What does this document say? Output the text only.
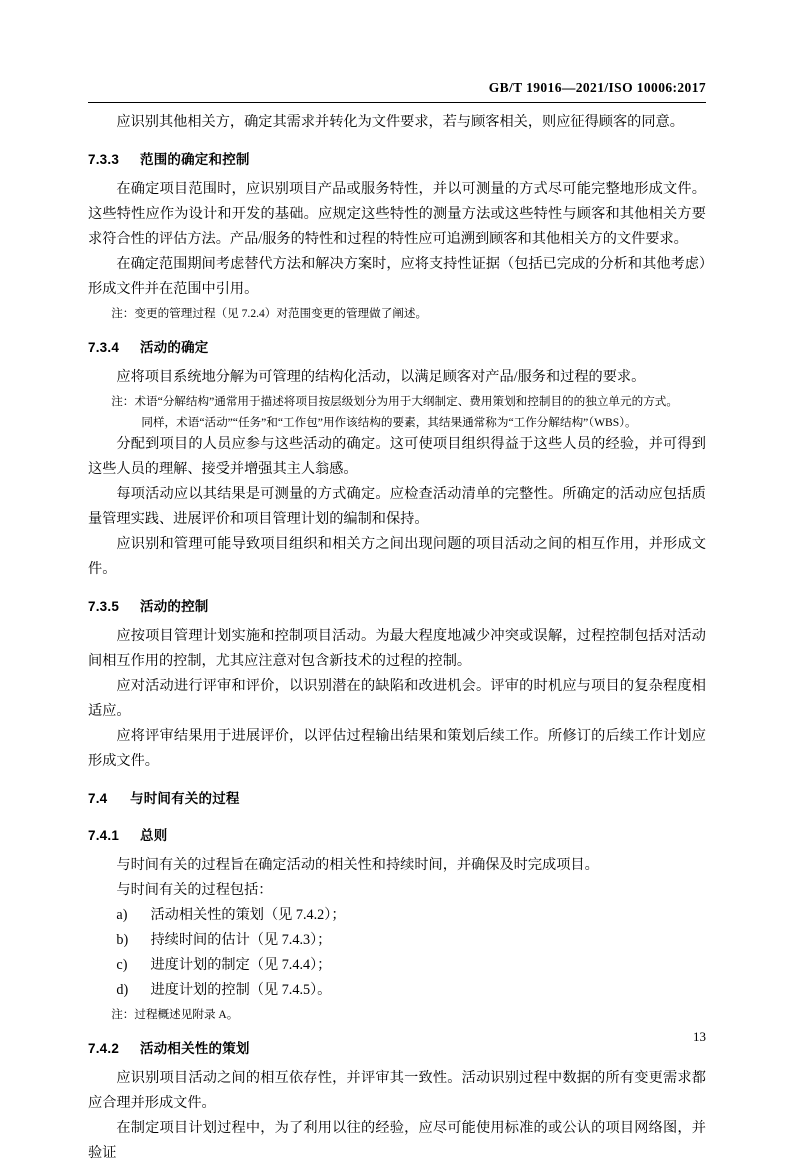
GB/T 19016—2021/ISO 10006:2017

应识别其他相关方，确定其需求并转化为文件要求，若与顾客相关，则应征得顾客的同意。

7.3.3 范围的确定和控制

在确定项目范围时，应识别项目产品或服务特性，并以可测量的方式尽可能完整地形成文件。这些特性应作为设计和开发的基础。应规定这些特性的测量方法或这些特性与顾客和其他相关方要求符合性的评估方法。产品/服务的特性和过程的特性应可追溯到顾客和其他相关方的文件要求。

在确定范围期间考虑替代方法和解决方案时，应将支持性证据（包括已完成的分析和其他考虑）形成文件并在范围中引用。

注：变更的管理过程（见 7.2.4）对范围变更的管理做了阐述。

7.3.4 活动的确定

应将项目系统地分解为可管理的结构化活动，以满足顾客对产品/服务和过程的要求。

注：术语“分解结构”通常用于描述将项目按层级划分为用于大纲制定、费用策划和控制目的的独立单元的方式。

同样，术语“活动”“任务”和“工作包”用作该结构的要素，其结果通常称为“工作分解结构”（WBS）。

分配到项目的人员应参与这些活动的确定。这可使项目组织得益于这些人员的经验，并可得到这些人员的理解、接受并增强其主人翁感。

每项活动应以其结果是可测量的方式确定。应检查活动清单的完整性。所确定的活动应包括质量管理实践、进展评价和项目管理计划的编制和保持。

应识别和管理可能导致项目组织和相关方之间出现问题的项目活动之间的相互作用，并形成文件。

7.3.5 活动的控制

应按项目管理计划实施和控制项目活动。为最大程度地减少冲突或误解，过程控制包括对活动间相互作用的控制，尤其应注意对包含新技术的过程的控制。

应对活动进行评审和评价，以识别潜在的缺陷和改进机会。评审的时机应与项目的复杂程度相适应。

应将评审结果用于进展评价，以评估过程输出结果和策划后续工作。所修订的后续工作计划应形成文件。

7.4 与时间有关的过程

7.4.1 总则

与时间有关的过程旨在确定活动的相关性和持续时间，并确保及时完成项目。

与时间有关的过程包括：

a) 活动相关性的策划（见 7.4.2）；

b) 持续时间的估计（见 7.4.3）；

c) 进度计划的制定（见 7.4.4）；

d) 进度计划的控制（见 7.4.5）。

注：过程概述见附录 A。

7.4.2 活动相关性的策划

应识别项目活动之间的相互依存性，并评审其一致性。活动识别过程中数据的所有变更需求都应合理并形成文件。

在制定项目计划过程中，为了利用以往的经验，应尽可能使用标准的或公认的项目网络图，并验证

13
